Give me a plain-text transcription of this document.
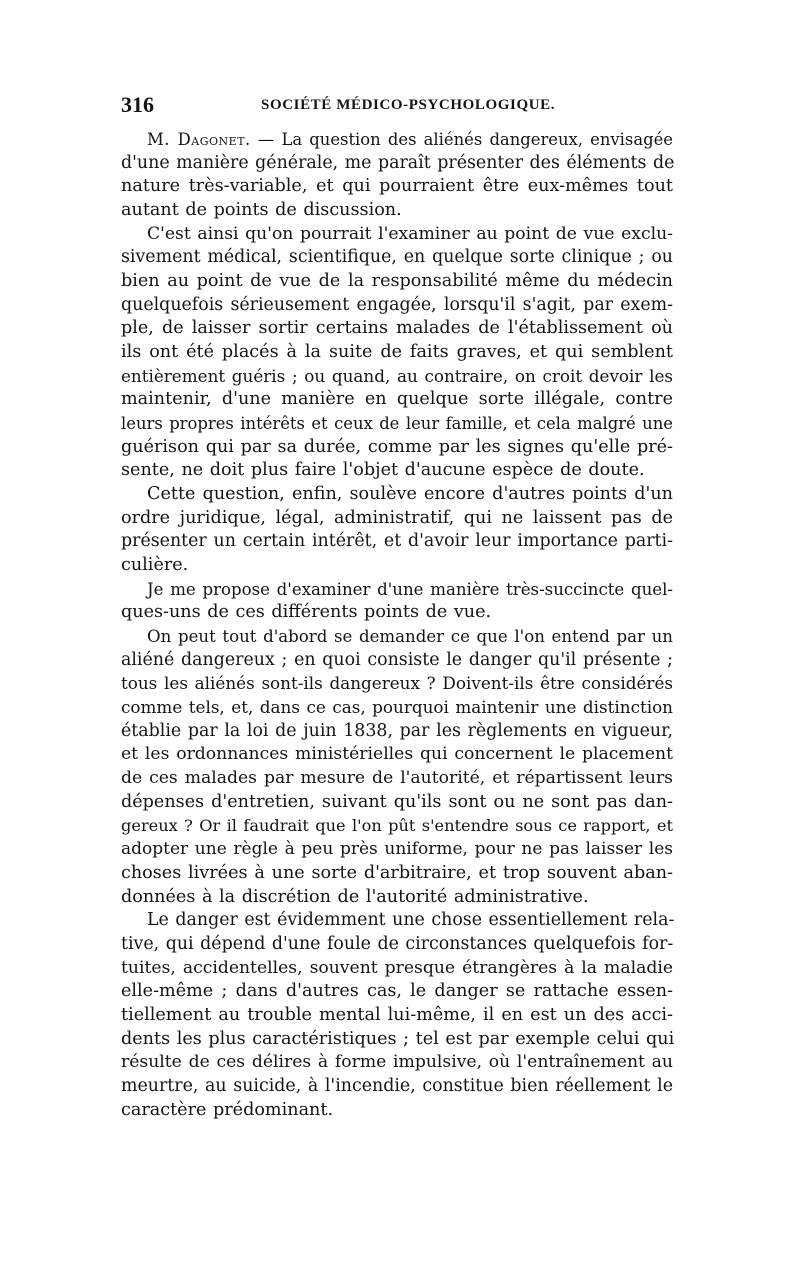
316	SOCIÉTÉ MÉDICO-PSYCHOLOGIQUE.
M. Dagonet. — La question des aliénés dangereux, envisagée
d'une manière générale, me paraît présenter des éléments de
nature très-variable, et qui pourraient être eux-mêmes tout
autant de points de discussion.
C'est ainsi qu'on pourrait l'examiner au point de vue exclu-
sivement médical, scientifique, en quelque sorte clinique ; ou
bien au point de vue de la responsabilité même du médecin
quelquefois sérieusement engagée, lorsqu'il s'agit, par exem-
ple, de laisser sortir certains malades de l'établissement où
ils ont été placés à la suite de faits graves, et qui semblent
entièrement guéris ; ou quand, au contraire, on croit devoir les
maintenir, d'une manière en quelque sorte illégale, contre
leurs propres intérêts et ceux de leur famille, et cela malgré une
guérison qui par sa durée, comme par les signes qu'elle pré-
sente, ne doit plus faire l'objet d'aucune espèce de doute.
Cette question, enfin, soulève encore d'autres points d'un
ordre juridique, légal, administratif, qui ne laissent pas de
présenter un certain intérêt, et d'avoir leur importance parti-
culière.
Je me propose d'examiner d'une manière très-succincte quel-
ques-uns de ces différents points de vue.
On peut tout d'abord se demander ce que l'on entend par un
aliéné dangereux ; en quoi consiste le danger qu'il présente ;
tous les aliénés sont-ils dangereux ? Doivent-ils être considérés
comme tels, et, dans ce cas, pourquoi maintenir une distinction
établie par la loi de juin 1838, par les règlements en vigueur,
et les ordonnances ministérielles qui concernent le placement
de ces malades par mesure de l'autorité, et répartissent leurs
dépenses d'entretien, suivant qu'ils sont ou ne sont pas dan-
gereux ? Or il faudrait que l'on pût s'entendre sous ce rapport, et
adopter une règle à peu près uniforme, pour ne pas laisser les
choses livrées à une sorte d'arbitraire, et trop souvent aban-
données à la discrétion de l'autorité administrative.
Le danger est évidemment une chose essentiellement rela-
tive, qui dépend d'une foule de circonstances quelquefois for-
tuites, accidentelles, souvent presque étrangères à la maladie
elle-même ; dans d'autres cas, le danger se rattache essen-
tiellement au trouble mental lui-même, il en est un des acci-
dents les plus caractéristiques ; tel est par exemple celui qui
résulte de ces délires à forme impulsive, où l'entraînement au
meurtre, au suicide, à l'incendie, constitue bien réellement le
caractère prédominant.
